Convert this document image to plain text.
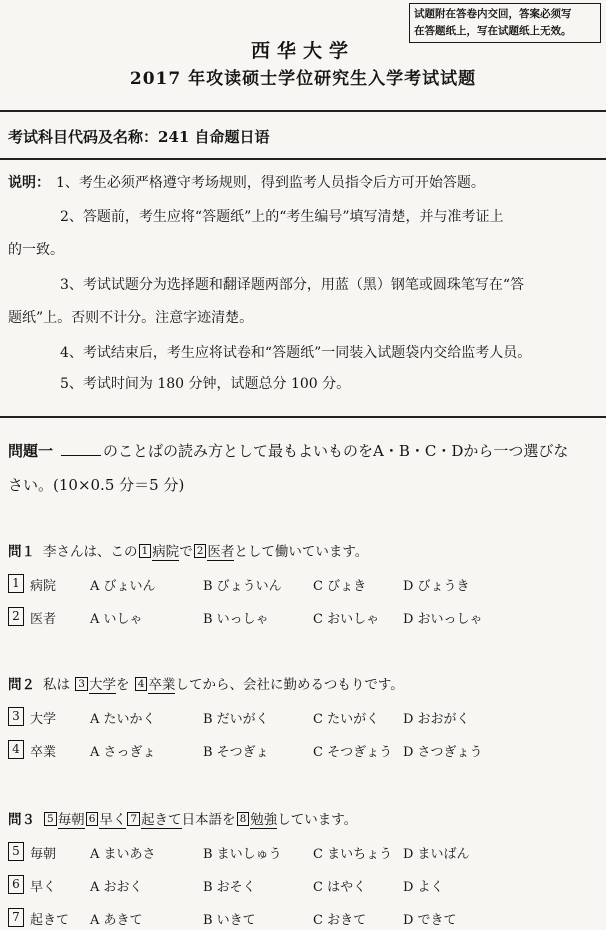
试题附在答卷内交回，答案必须写
在答题纸上，写在试题纸上无效。
西华大学
2017 年攻读硕士学位研究生入学考试试题
考试科目代码及名称：241 自命题日语
说明： 1、考生必须严格遵守考场规则，得到监考人员指令后方可开始答题。
2、答题前，考生应将“答题纸”上的“考生编号”填写清楚，并与准考证上
的一致。
3、考试试题分为选择题和翻译题两部分，用蓝（黑）钢笔或圆珠笔写在“答
题纸”上。否则不计分。注意字迹清楚。
4、考试结束后，考生应将试卷和“答题纸”一同装入试题袋内交给监考人员。
5、考试时间为 180 分钟，试题总分 100 分。
問題一	のことばの読み方として最もよいものをA・B・C・Dから一つ選びな
さい。(10×0.5 分＝5 分)
問１ 李さんは、この 1 病院で 2 医者として働いています。
1 病院	A びょいん	B びょういん C びょき	D びょうき
2 医者	A いしゃ	B いっしゃ	C おいしゃ D おいっしゃ
問２ 私は 3 大学を 4 卒業してから、会社に勤めるつもりです。
3 大学	A たいかく	B だいがく	C たいがく D おおがく
4 卒業	A さっぎょ	B そつぎょ	C そつぎょう D さつぎょう
問３ 5 毎朝 6 早く 7 起きて日本語を 8 勉強しています。
5 毎朝	A まいあさ	B まいしゅう C まいちょう D まいばん
6 早く	A おおく	B おそく	C はやく	D よく
7 起きて A あきて	B いきて	C おきて	D できて
